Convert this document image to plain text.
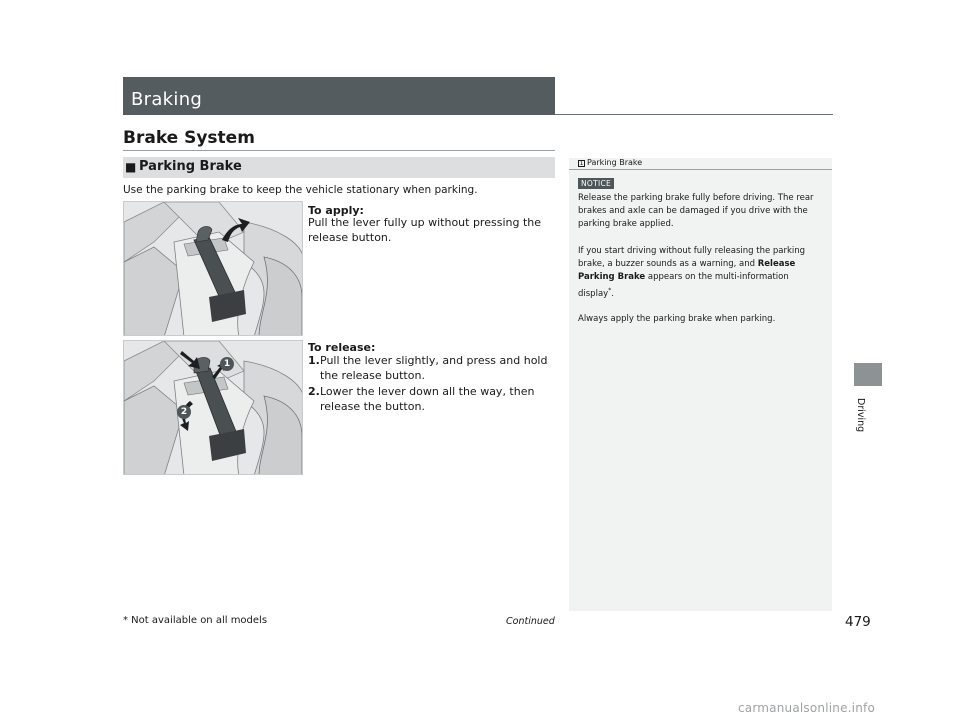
Braking
Brake System
■ Parking Brake
Use the parking brake to keep the vehicle stationary when parking.
To apply:
Pull the lever fully up without pressing the release button.
1
2
To release:
1. Pull the lever slightly, and press and hold the release button.
2. Lower the lever down all the way, then release the button.
1 Parking Brake
NOTICE

Release the parking brake fully before driving. The rear brakes and axle can be damaged if you drive with the parking brake applied.

If you start driving without fully releasing the parking brake, a buzzer sounds as a warning, and Release Parking Brake appears on the multi-information display*.

Always apply the parking brake when parking.

Driving
* Not available on all models	Continued	479
carmanualsonline.info
